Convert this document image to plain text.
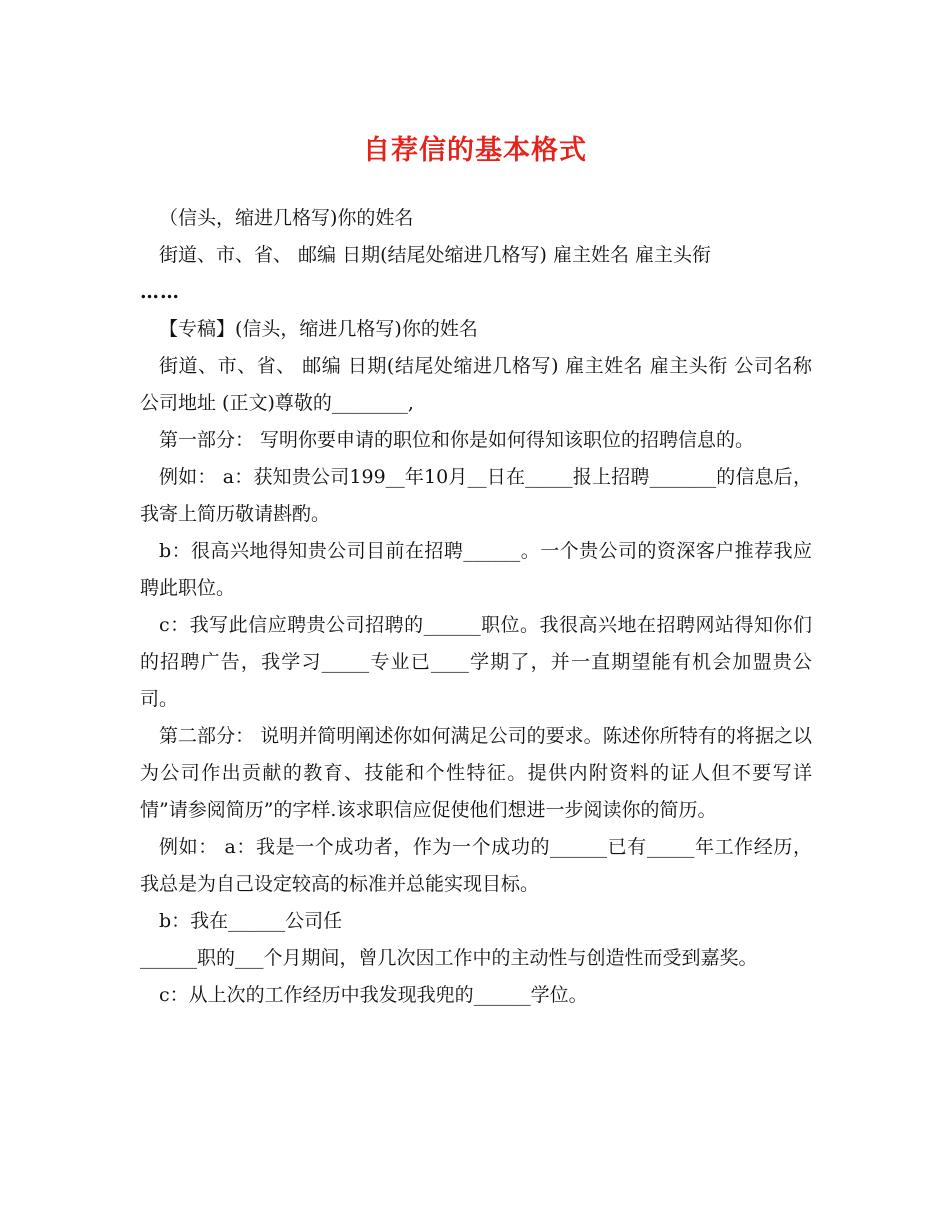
自荐信的基本格式

（信头，缩进几格写)你的姓名

街道、市、省、 邮编 日期(结尾处缩进几格写) 雇主姓名 雇主头衔

……

【专稿】(信头，缩进几格写)你的姓名

街道、市、省、 邮编 日期(结尾处缩进几格写) 雇主姓名 雇主头衔 公司名称 公司地址 (正文)尊敬的________,

第一部分： 写明你要申请的职位和你是如何得知该职位的招聘信息的。

例如： a：获知贵公司199__年10月__日在_____报上招聘_______的信息后，我寄上简历敬请斟酌。

b：很高兴地得知贵公司目前在招聘______。一个贵公司的资深客户推荐我应聘此职位。

c：我写此信应聘贵公司招聘的______职位。我很高兴地在招聘网站得知你们的招聘广告，我学习_____专业已____学期了，并一直期望能有机会加盟贵公司。

第二部分： 说明并简明阐述你如何满足公司的要求。陈述你所特有的将据之以为公司作出贡献的教育、技能和个性特征。提供内附资料的证人但不要写详情”请参阅简历”的字样.该求职信应促使他们想进一步阅读你的简历。

例如： a：我是一个成功者，作为一个成功的______已有_____年工作经历，我总是为自己设定较高的标准并总能实现目标。

b：我在______公司任

______职的___个月期间，曾几次因工作中的主动性与创造性而受到嘉奖。

c：从上次的工作经历中我发现我兜的______学位。
